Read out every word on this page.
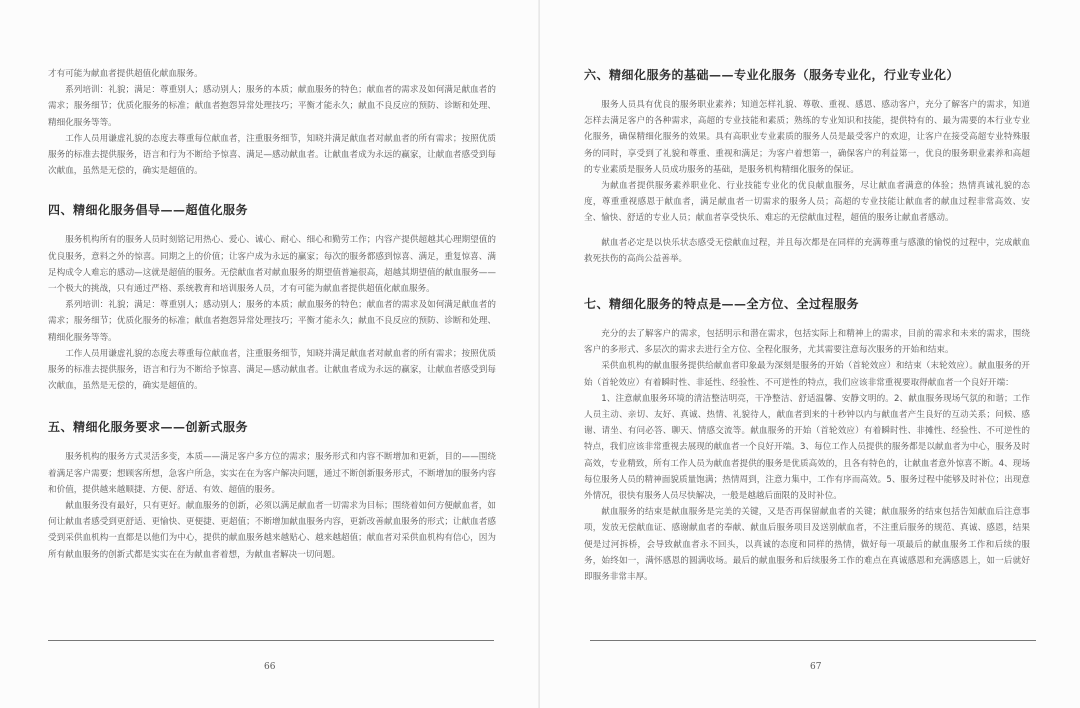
才有可能为献血者提供超值化献血服务。

系列培训：礼貌；满足：尊重别人；感动别人；服务的本质；献血服务的特色；献血者的需求及如何满足献血者的需求；服务细节；优质化服务的标准；献血者抱怨异常处理技巧；平衡才能永久；献血不良反应的预防、诊断和处理、精细化服务等等。

工作人员用谦虚礼貌的态度去尊重每位献血者，注重服务细节，知晓并满足献血者对献血者的所有需求；按照优质服务的标准去提供服务，语言和行为不断给予惊喜、满足—感动献血者。让献血者成为永远的赢家，让献血者感受到每次献血，虽然是无偿的，确实是超值的。

四、精细化服务倡导——超值化服务

服务机构所有的服务人员时刻铭记用热心、爱心、诚心、耐心、细心和勤劳工作；内容产提供超越其心理期望值的优良服务，意料之外的惊喜。同期之上的价值；让客户成为永远的赢家；每次的服务都感到惊喜、满足，重复惊喜、满足构成令人难忘的感动—这就是超值的服务。无偿献血者对献血服务的期望值普遍很高，超越其期望值的献血服务——一个极大的挑战，只有通过严格、系统教育和培训服务人员，才有可能为献血者提供超值化献血服务。

系列培训：礼貌；满足：尊重别人；感动别人；服务的本质；献血服务的特色；献血者的需求及如何满足献血者的需求；服务细节；优质化服务的标准；献血者抱怨异常处理技巧；平衡才能永久；献血不良反应的预防、诊断和处理、精细化服务等等。

工作人员用谦虚礼貌的态度去尊重每位献血者，注重服务细节，知晓并满足献血者对献血者的所有需求；按照优质服务的标准去提供服务，语言和行为不断给予惊喜、满足—感动献血者。让献血者成为永远的赢家，让献血者感受到每次献血，虽然是无偿的，确实是超值的。

五、精细化服务要求——创新式服务

服务机构的服务方式灵活多变，本质——满足客户多方位的需求；服务形式和内容不断增加和更新，目的——围绕着满足客户需要；想顾客所想，急客户所急，实实在在为客户解决问题，通过不断创新服务形式，不断增加的服务内容和价值，提供越来越顺捷、方便、舒适、有效、超值的服务。

献血服务没有最好，只有更好。献血服务的创新，必须以满足献血者一切需求为目标；围绕着如何方便献血者，如何让献血者感受到更舒适、更愉快、更便捷、更超值；不断增加献血服务内容，更新改善献血服务的形式；让献血者感受到采供血机构一直都是以他们为中心，提供的献血服务越来越贴心、越来越超值；献血者对采供血机构有信心，因为所有献血服务的创新式都是实实在在为献血者着想，为献血者解决一切问题。

66
六、精细化服务的基础——专业化服务（服务专业化，行业专业化）

服务人员具有优良的服务职业素养；知道怎样礼貌、尊敬、重视、感恩、感动客户，充分了解客户的需求，知道怎样去满足客户的各种需求，高超的专业技能和素质；熟练的专业知识和技能，提供特有的、最为需要的本行业专业化服务，确保精细化服务的效果。具有高职业专业素质的服务人员是最受客户的欢迎，让客户在接受高超专业特殊服务的同时，享受到了礼貌和尊重、重视和满足；为客户着想第一，确保客户的利益第一，优良的服务职业素养和高超的专业素质是服务人员成功服务的基础，是服务机构精细化服务的保证。

为献血者提供服务素养职业化、行业技能专业化的优良献血服务，尽让献血者满意的体验；热情真诚礼貌的态度，尊重重视感恩于献血者，满足献血者一切需求的服务人员；高超的专业技能让献血者的献血过程非常高效、安全、愉快、舒适的专业人员；献血者享受快乐、难忘的无偿献血过程，超值的服务让献血者感动。

献血者必定是以快乐状态感受无偿献血过程，并且每次都是在同样的充满尊重与感激的愉悦的过程中，完成献血救死扶伤的高尚公益善举。

七、精细化服务的特点是——全方位、全过程服务

充分的去了解客户的需求，包括明示和潜在需求，包括实际上和精神上的需求，目前的需求和未来的需求，围绕客户的多形式、多层次的需求去进行全方位、全程化服务，尤其需要注意每次服务的开始和结束。

采供血机构的献血服务提供给献血者印象最为深刻是服务的开始（首轮效应）和结束（末轮效应）。献血服务的开始（首轮效应）有着瞬时性、非延性、经验性、不可逆性的特点，我们应该非常重视要取得献血者一个良好开端：

1、注意献血服务环境的清洁整洁明亮，干净整洁、舒适温馨、安静文明的。2、献血服务现场气氛的和谐；工作人员主动、亲切、友好、真诚、热情、礼貌待人，献血者到来的十秒钟以内与献血者产生良好的互动关系；问候、感谢、请坐、有问必答、聊天、情感交流等。献血服务的开始（首轮效应）有着瞬时性、非摊性、经验性、不可逆性的特点，我们应该非常重视去展现的献血者一个良好开端。3、每位工作人员提供的服务都是以献血者为中心，服务及时高效，专业精致，所有工作人员为献血者提供的服务是优质高效的，且各有特色的，让献血者意外惊喜不断。4、现场每位服务人员的精神面貌质量饱满；热情周到，注意力集中，工作有序而高效。5、服务过程中能够及时补位；出现意外情况，很快有服务人员尽快解决，一般是越越后面限的及时补位。

献血服务的结束是献血服务是完美的关键，又是否再保留献血者的关键；献血服务的结束包括告知献血后注意事项，发放无偿献血证、感谢献血者的奉献、献血后服务项目及送别献血者，不注重后服务的规范、真诚、感恩，结果便是过河拆桥，会导致献血者永不回头，以真诚的态度和同样的热情，做好每一项最后的献血服务工作和后续的服务，始终如一，满怀感恩的圆满收场。最后的献血服务和后续服务工作的难点在真诚感恩和充满感恩上，如一后就好即服务非常丰厚。

67
